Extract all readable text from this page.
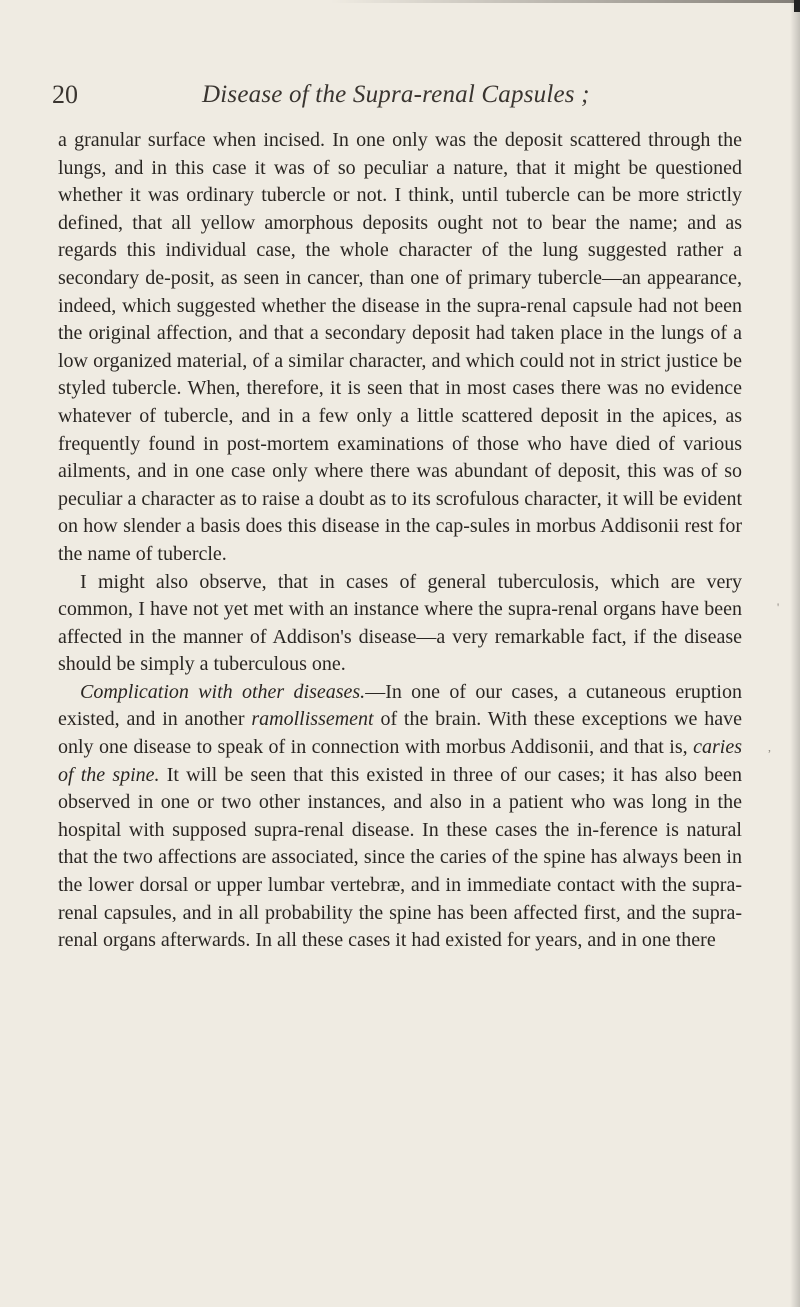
20	Disease of the Supra-renal Capsules ;

a granular surface when incised. In one only was the deposit scattered through the lungs, and in this case it was of so peculiar a nature, that it might be questioned whether it was ordinary tubercle or not. I think, until tubercle can be more strictly defined, that all yellow amorphous deposits ought not to bear the name; and as regards this individual case, the whole character of the lung suggested rather a secondary de-posit, as seen in cancer, than one of primary tubercle—an appearance, indeed, which suggested whether the disease in the supra-renal capsule had not been the original affection, and that a secondary deposit had taken place in the lungs of a low organized material, of a similar character, and which could not in strict justice be styled tubercle. When, therefore, it is seen that in most cases there was no evidence whatever of tubercle, and in a few only a little scattered deposit in the apices, as frequently found in post-mortem examinations of those who have died of various ailments, and in one case only where there was abundant of deposit, this was of so peculiar a character as to raise a doubt as to its scrofulous character, it will be evident on how slender a basis does this disease in the cap-sules in morbus Addisonii rest for the name of tubercle.

I might also observe, that in cases of general tuberculosis, which are very common, I have not yet met with an instance where the supra-renal organs have been affected in the manner of Addison's disease—a very remarkable fact, if the disease should be simply a tuberculous one.

Complication with other diseases.—In one of our cases, a cutaneous eruption existed, and in another ramollissement of the brain. With these exceptions we have only one disease to speak of in connection with morbus Addisonii, and that is, caries of the spine. It will be seen that this existed in three of our cases; it has also been observed in one or two other instances, and also in a patient who was long in the hospital with supposed supra-renal disease. In these cases the in-ference is natural that the two affections are associated, since the caries of the spine has always been in the lower dorsal or upper lumbar vertebræ, and in immediate contact with the supra-renal capsules, and in all probability the spine has been affected first, and the supra-renal organs afterwards. In all these cases it had existed for years, and in one there

'
,
